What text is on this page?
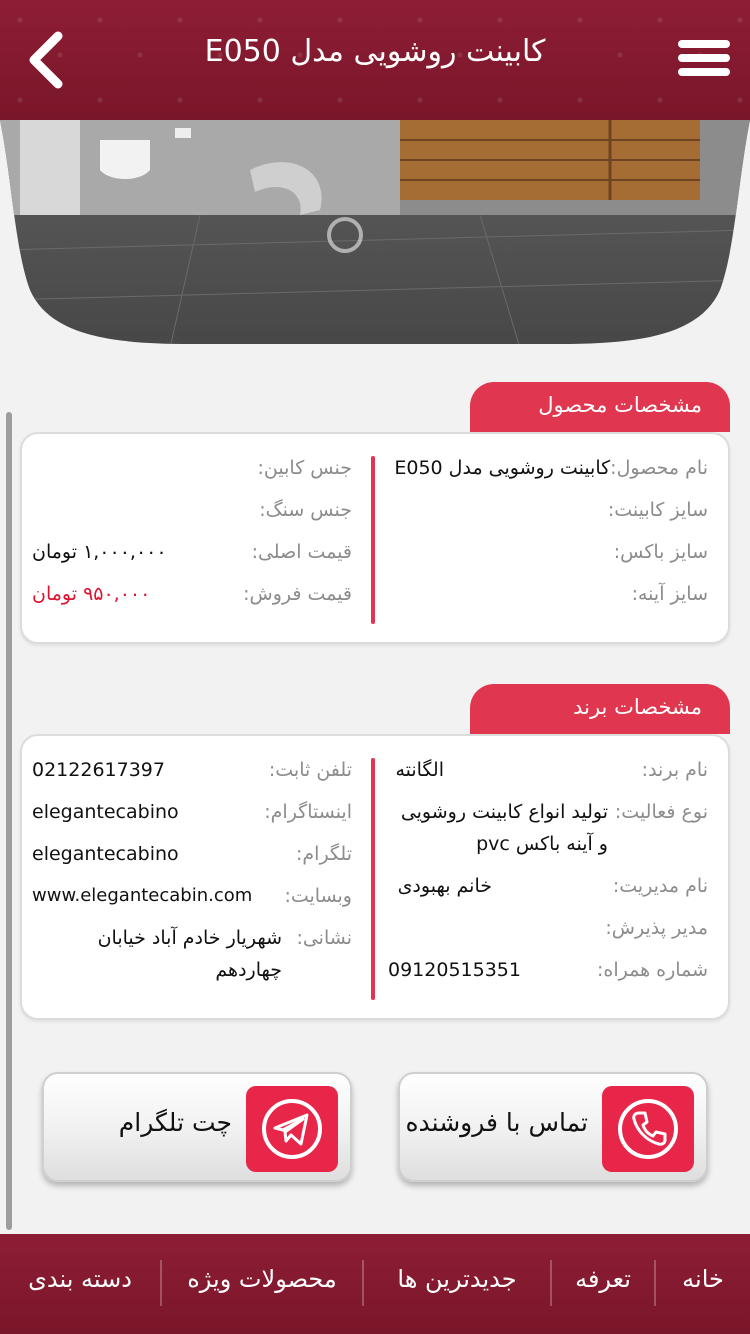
کابینت روشویی مدل E050
مشخصات محصول
نام محصول:کابینت روشویی مدل E050
سایز کابینت:
سایز باکس:
سایز آینه:
جنس کابین:
جنس سنگ:
قیمت اصلی:
۱,۰۰۰,۰۰۰ تومان
قیمت فروش:
۹۵۰,۰۰۰ تومان
مشخصات برند
نام برند:
الگانته
نوع فعالیت:
تولید انواع کابینت روشویی و آینه باکس pvc
نام مدیریت:
خانم بهبودی
مدیر پذیرش:
شماره همراه:
09120515351
تلفن ثابت:
02122617397
اینستاگرام:
elegantecabino
تلگرام:
elegantecabino
وبسایت:
www.elegantecabin.com
نشانی:
شهریار خادم آباد خیابان چهاردهم
تماس با فروشنده
چت تلگرام
خانه
تعرفه
جدیدترین ها
محصولات ویژه
دسته بندی
